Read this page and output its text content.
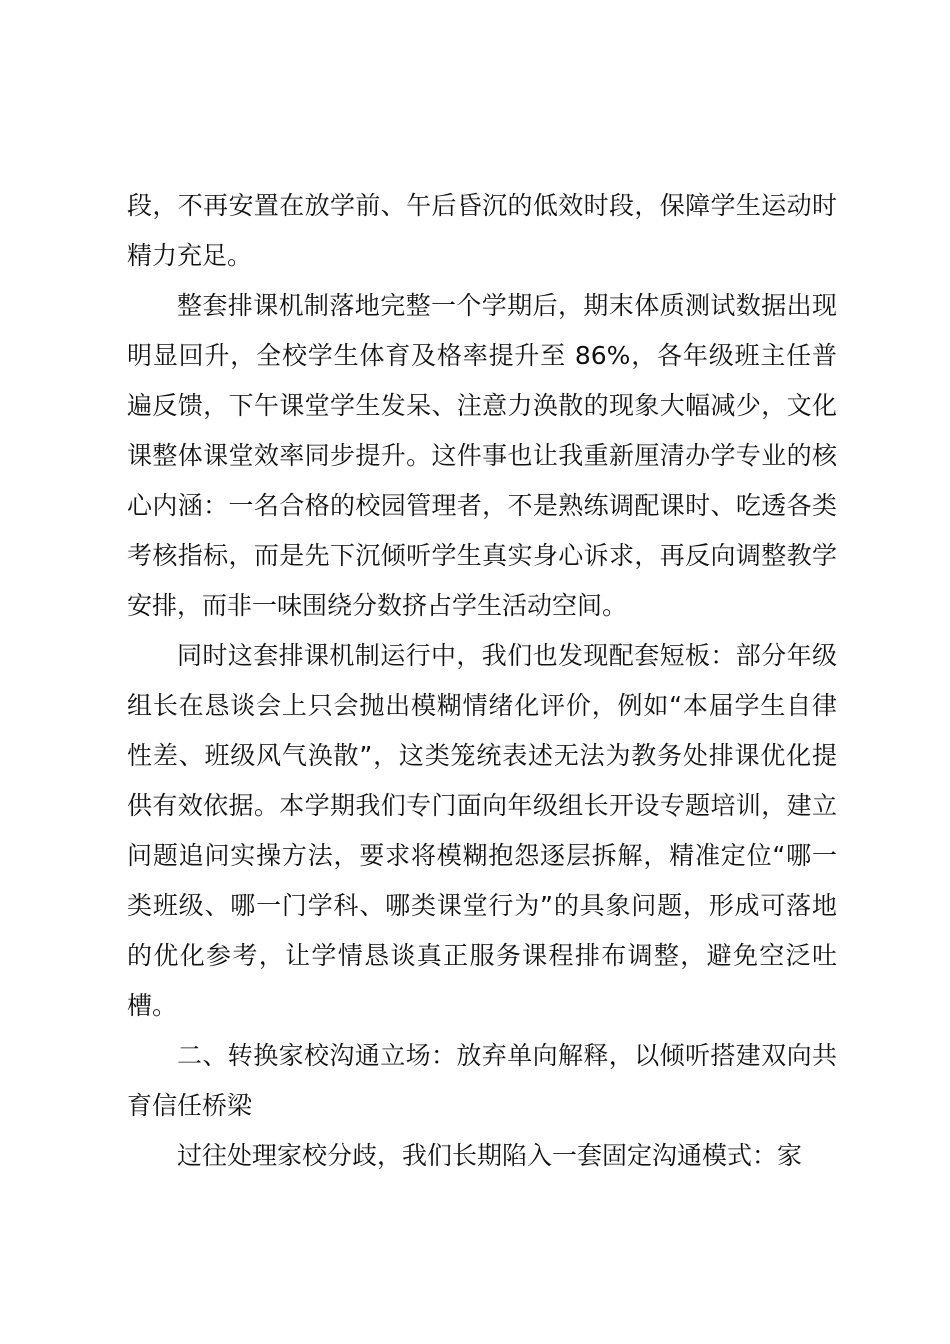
段，不再安置在放学前、午后昏沉的低效时段，保障学生运动时精力充足。

整套排课机制落地完整一个学期后，期末体质测试数据出现明显回升，全校学生体育及格率提升至 86%，各年级班主任普遍反馈，下午课堂学生发呆、注意力涣散的现象大幅减少，文化课整体课堂效率同步提升。这件事也让我重新厘清办学专业的核心内涵：一名合格的校园管理者，不是熟练调配课时、吃透各类考核指标，而是先下沉倾听学生真实身心诉求，再反向调整教学安排，而非一味围绕分数挤占学生活动空间。

同时这套排课机制运行中，我们也发现配套短板：部分年级组长在恳谈会上只会抛出模糊情绪化评价，例如“本届学生自律性差、班级风气涣散”，这类笼统表述无法为教务处排课优化提供有效依据。本学期我们专门面向年级组长开设专题培训，建立问题追问实操方法，要求将模糊抱怨逐层拆解，精准定位“哪一类班级、哪一门学科、哪类课堂行为”的具象问题，形成可落地的优化参考，让学情恳谈真正服务课程排布调整，避免空泛吐槽。

二、转换家校沟通立场：放弃单向解释，以倾听搭建双向共育信任桥梁

过往处理家校分歧，我们长期陷入一套固定沟通模式：家
